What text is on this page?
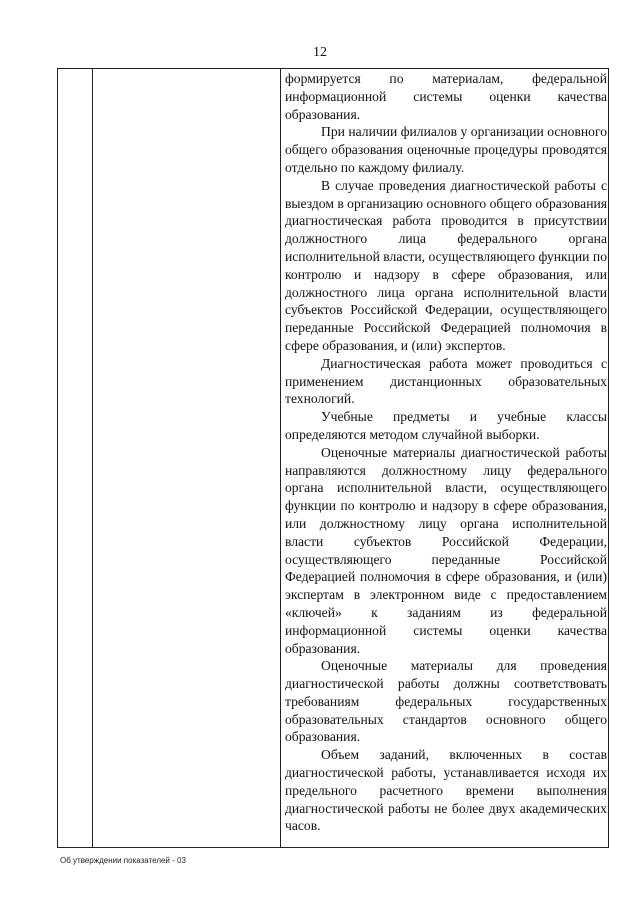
12

формируется по материалам, федеральной информационной системы оценки качества образования.

При наличии филиалов у организации основного общего образования оценочные процедуры проводятся отдельно по каждому филиалу.

В случае проведения диагностической работы с выездом в организацию основного общего образования диагностическая работа проводится в присутствии должностного лица федерального органа исполнительной власти, осуществляющего функции по контролю и надзору в сфере образования, или должностного лица органа исполнительной власти субъектов Российской Федерации, осуществляющего переданные Российской Федерацией полномочия в сфере образования, и (или) экспертов.

Диагностическая работа может проводиться с применением дистанционных образовательных технологий.

Учебные предметы и учебные классы определяются методом случайной выборки.

Оценочные материалы диагностической работы направляются должностному лицу федерального органа исполнительной власти, осуществляющего функции по контролю и надзору в сфере образования, или должностному лицу органа исполнительной власти субъектов Российской Федерации, осуществляющего переданные Российской Федерацией полномочия в сфере образования, и (или) экспертам в электронном виде с предоставлением «ключей» к заданиям из федеральной информационной системы оценки качества образования.

Оценочные материалы для проведения диагностической работы должны соответствовать требованиям федеральных государственных образовательных стандартов основного общего образования.

Объем заданий, включенных в состав диагностической работы, устанавливается исходя их предельного расчетного времени выполнения диагностической работы не более двух академических часов.

Об утверждении показателей - 03
